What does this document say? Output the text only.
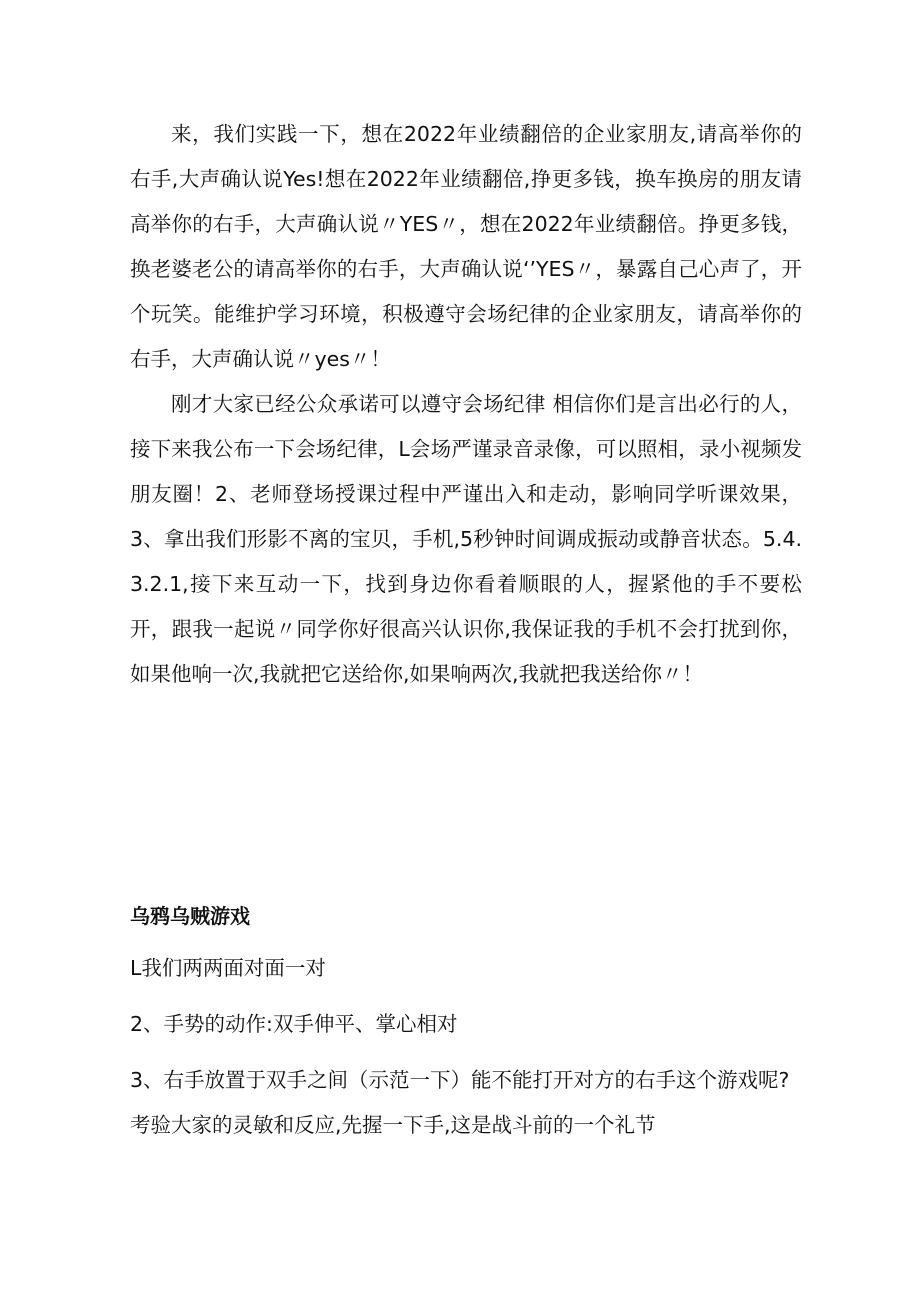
来，我们实践一下，想在2022年业绩翻倍的企业家朋友,请高举你的右手,大声确认说Yes!想在2022年业绩翻倍,挣更多钱，换车换房的朋友请高举你的右手，大声确认说〃YES〃，想在2022年业绩翻倍。挣更多钱，换老婆老公的请高举你的右手，大声确认说‘’YES〃，暴露自己心声了，开个玩笑。能维护学习环境，积极遵守会场纪律的企业家朋友，请高举你的右手，大声确认说〃yes〃！

刚才大家已经公众承诺可以遵守会场纪律 相信你们是言出必行的人，接下来我公布一下会场纪律，L会场严谨录音录像，可以照相，录小视频发朋友圈！2、老师登场授课过程中严谨出入和走动，影响同学听课效果，3、拿出我们形影不离的宝贝，手机,5秒钟时间调成振动或静音状态。5.4.3.2.1,接下来互动一下，找到身边你看着顺眼的人，握紧他的手不要松开，跟我一起说〃同学你好很高兴认识你,我保证我的手机不会打扰到你，如果他响一次,我就把它送给你,如果响两次,我就把我送给你〃！

乌鸦乌贼游戏

L我们两两面对面一对

2、手势的动作:双手伸平、掌心相对

3、右手放置于双手之间（示范一下）能不能打开对方的右手这个游戏呢?考验大家的灵敏和反应,先握一下手,这是战斗前的一个礼节
